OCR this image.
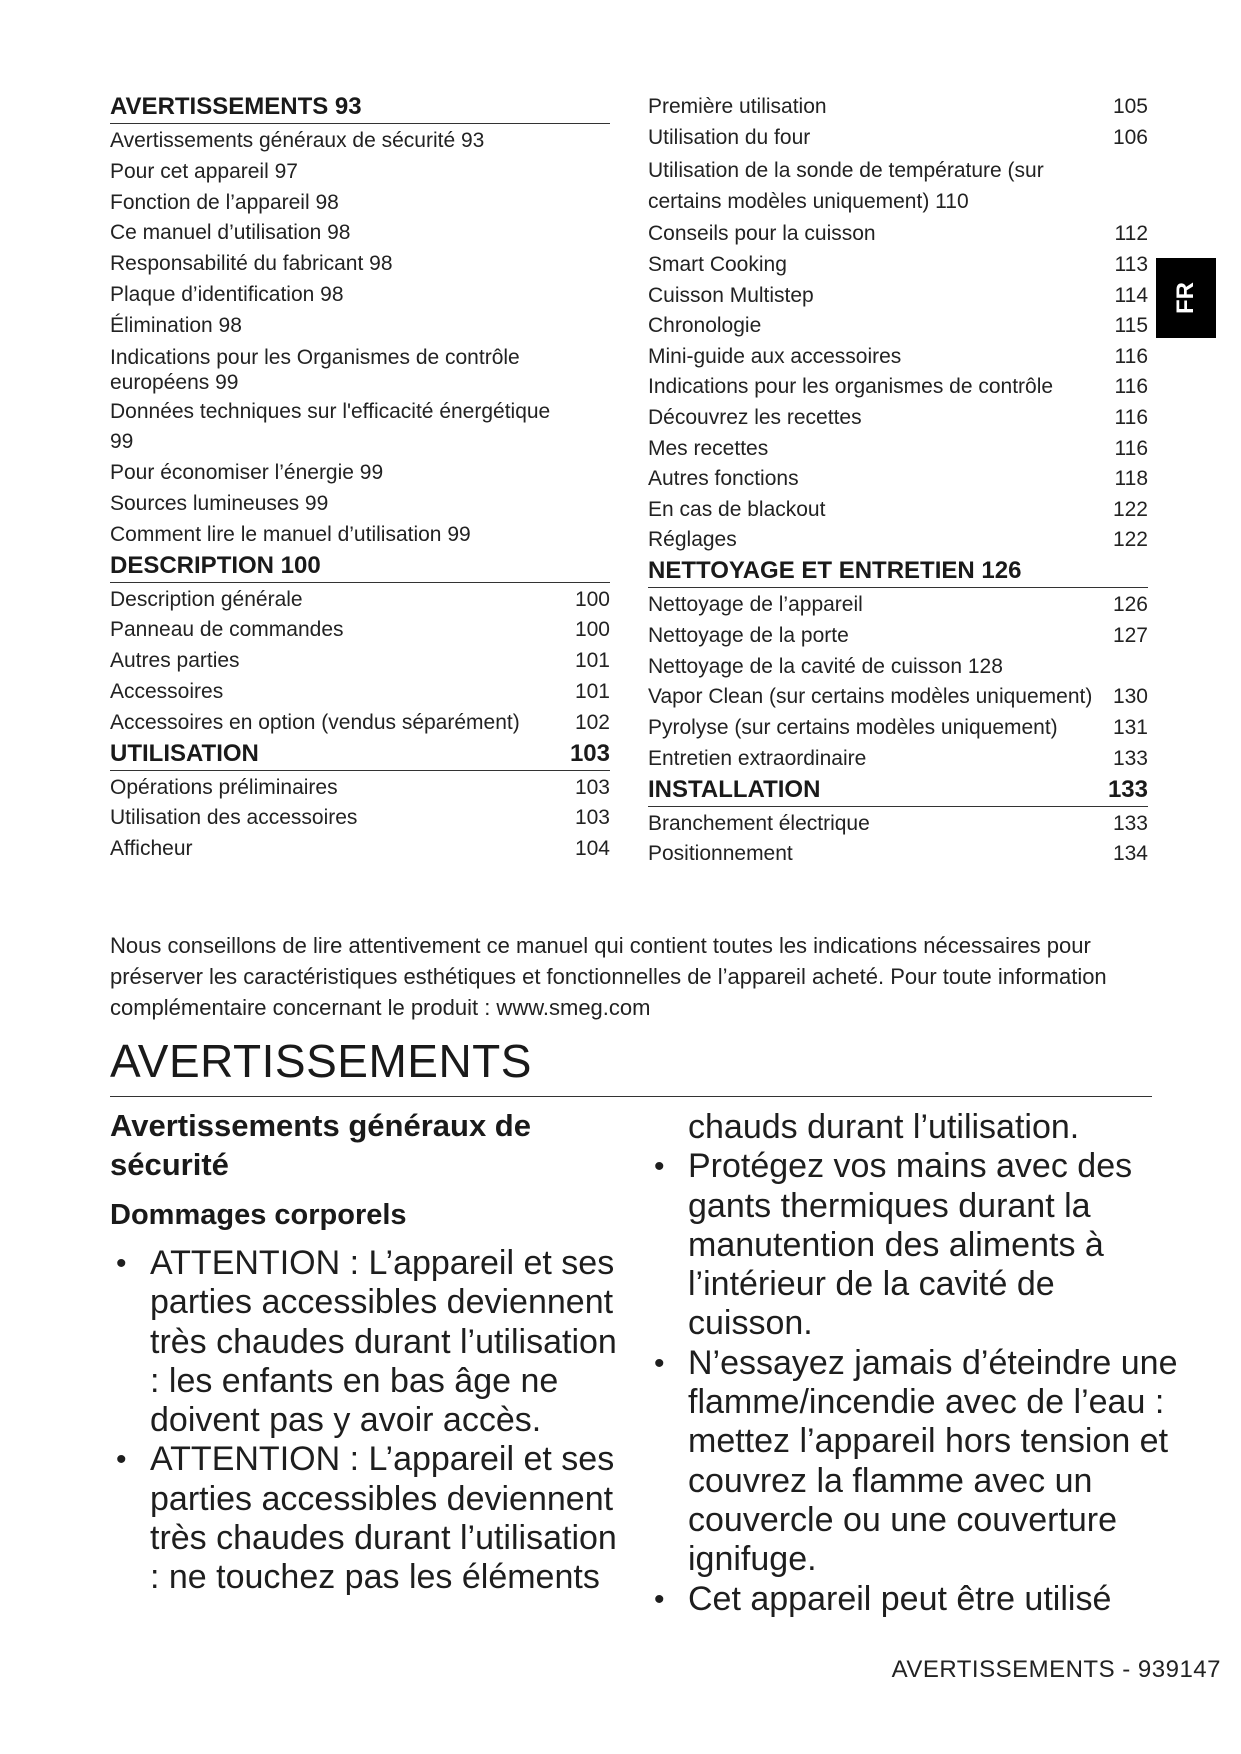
AVERTISSEMENTS 93
Avertissements généraux de sécurité 93
Pour cet appareil 97
Fonction de l’appareil 98
Ce manuel d’utilisation 98
Responsabilité du fabricant 98
Plaque d’identification 98
Élimination 98
Indications pour les Organismes de contrôle européens 99
Données techniques sur l'efficacité énergétique 99
Pour économiser l’énergie 99
Sources lumineuses 99
Comment lire le manuel d’utilisation 99
DESCRIPTION 100
Description générale	100
Panneau de commandes	100
Autres parties	101
Accessoires	101
Accessoires en option (vendus séparément)	102
UTILISATION	103
Opérations préliminaires	103
Utilisation des accessoires	103
Afficheur	104
Première utilisation	105
Utilisation du four	106
Utilisation de la sonde de température (sur certains modèles uniquement) 110
Conseils pour la cuisson	112
Smart Cooking	113
Cuisson Multistep	114
Chronologie	115
Mini-guide aux accessoires	116
Indications pour les organismes de contrôle	116
Découvrez les recettes	116
Mes recettes	116
Autres fonctions	118
En cas de blackout	122
Réglages	122
NETTOYAGE ET ENTRETIEN 126
Nettoyage de l’appareil	126
Nettoyage de la porte	127
Nettoyage de la cavité de cuisson 128
Vapor Clean (sur certains modèles uniquement) 130
Pyrolyse (sur certains modèles uniquement)	131
Entretien extraordinaire	133
INSTALLATION	133
Branchement électrique	133
Positionnement	134
FR

Nous conseillons de lire attentivement ce manuel qui contient toutes les indications nécessaires pour préserver les caractéristiques esthétiques et fonctionnelles de l’appareil acheté. Pour toute information complémentaire concernant le produit : www.smeg.com

AVERTISSEMENTS
Avertissements généraux de sécurité
Dommages corporels
• ATTENTION : L’appareil et ses parties accessibles deviennent très chaudes durant l’utilisation : les enfants en bas âge ne doivent pas y avoir accès.
• ATTENTION : L’appareil et ses parties accessibles deviennent très chaudes durant l’utilisation : ne touchez pas les éléments
chauds durant l’utilisation.
• Protégez vos mains avec des gants thermiques durant la manutention des aliments à l’intérieur de la cavité de cuisson.
• N’essayez jamais d’éteindre une flamme/incendie avec de l’eau : mettez l’appareil hors tension et couvrez la flamme avec un couvercle ou une couverture ignifuge.
• Cet appareil peut être utilisé
AVERTISSEMENTS - 939147
